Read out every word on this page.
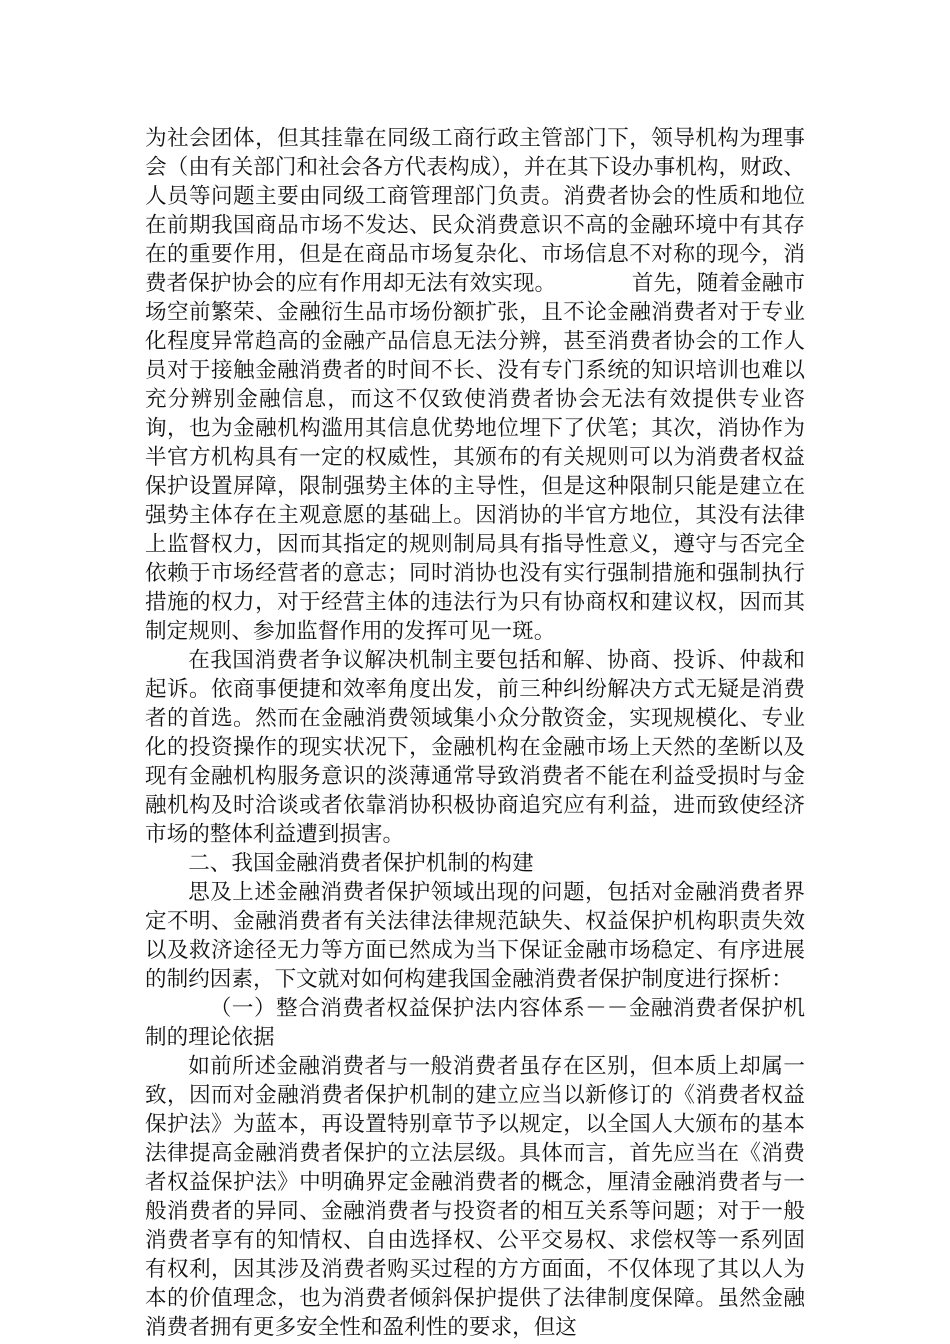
为社会团体，但其挂靠在同级工商行政主管部门下，领导机构为理事会（由有关部门和社会各方代表构成），并在其下设办事机构，财政、人员等问题主要由同级工商管理部门负责。消费者协会的性质和地位在前期我国商品市场不发达、民众消费意识不高的金融环境中有其存在的重要作用，但是在商品市场复杂化、市场信息不对称的现今，消费者保护协会的应有作用却无法有效实现。　　　　首先，随着金融市场空前繁荣、金融衍生品市场份额扩张，且不论金融消费者对于专业化程度异常趋高的金融产品信息无法分辨，甚至消费者协会的工作人员对于接触金融消费者的时间不长、没有专门系统的知识培训也难以充分辨别金融信息，而这不仅致使消费者协会无法有效提供专业咨询，也为金融机构滥用其信息优势地位埋下了伏笔；其次，消协作为半官方机构具有一定的权威性，其颁布的有关规则可以为消费者权益保护设置屏障，限制强势主体的主导性，但是这种限制只能是建立在强势主体存在主观意愿的基础上。因消协的半官方地位，其没有法律上监督权力，因而其指定的规则制局具有指导性意义，遵守与否完全依赖于市场经营者的意志；同时消协也没有实行强制措施和强制执行措施的权力，对于经营主体的违法行为只有协商权和建议权，因而其制定规则、参加监督作用的发挥可见一斑。

在我国消费者争议解决机制主要包括和解、协商、投诉、仲裁和起诉。依商事便捷和效率角度出发，前三种纠纷解决方式无疑是消费者的首选。然而在金融消费领域集小众分散资金，实现规模化、专业化的投资操作的现实状况下，金融机构在金融市场上天然的垄断以及现有金融机构服务意识的淡薄通常导致消费者不能在利益受损时与金融机构及时洽谈或者依靠消协积极协商追究应有利益，进而致使经济市场的整体利益遭到损害。

二、我国金融消费者保护机制的构建

思及上述金融消费者保护领域出现的问题，包括对金融消费者界定不明、金融消费者有关法律法律规范缺失、权益保护机构职责失效以及救济途径无力等方面已然成为当下保证金融市场稳定、有序进展的制约因素，下文就对如何构建我国金融消费者保护制度进行探析：

（一）整合消费者权益保护法内容体系－－金融消费者保护机制的理论依据

如前所述金融消费者与一般消费者虽存在区别，但本质上却属一致，因而对金融消费者保护机制的建立应当以新修订的《消费者权益保护法》为蓝本，再设置特别章节予以规定，以全国人大颁布的基本法律提高金融消费者保护的立法层级。具体而言，首先应当在《消费者权益保护法》中明确界定金融消费者的概念，厘清金融消费者与一般消费者的异同、金融消费者与投资者的相互关系等问题；对于一般消费者享有的知情权、自由选择权、公平交易权、求偿权等一系列固有权利，因其涉及消费者购买过程的方方面面，不仅体现了其以人为本的价值理念，也为消费者倾斜保护提供了法律制度保障。虽然金融消费者拥有更多安全性和盈利性的要求，但这
